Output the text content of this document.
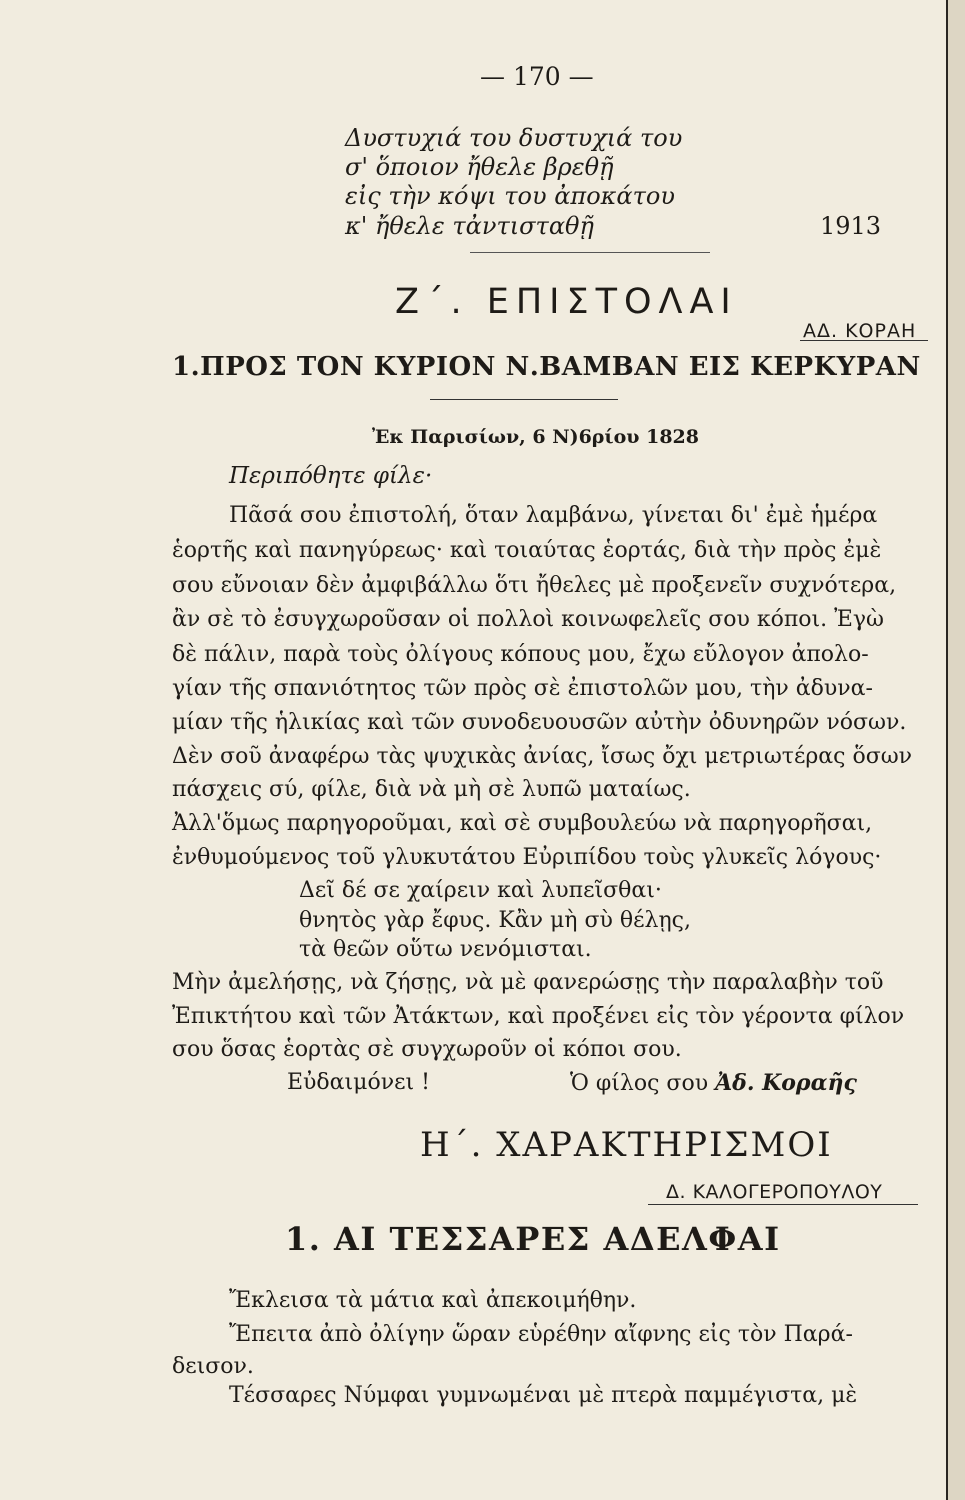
— 170 —
Δυστυχιά του δυστυχιά του
σ' ὅποιον ἤθελε βρεθῇ
εἰς τὴν κόψι του ἀποκάτου
κ' ἤθελε τἀντισταθῇ	1913
Ζ΄. ΕΠΙΣΤΟΛΑΙ
ΑΔ. ΚΟΡΑΗ
1.ΠΡΟΣ ΤΟΝ ΚΥΡΙΟΝ Ν.ΒΑΜΒΑΝ ΕΙΣ ΚΕΡΚΥΡΑΝ
Ἐκ Παρισίων, 6 Ν)6ρίου 1828
Περιπόθητε φίλε·
Πᾶσά σου ἐπιστολή, ὅταν λαμβάνω, γίνεται δι' ἐμὲ ἡμέρα
ἑορτῆς καὶ πανηγύρεως· καὶ τοιαύτας ἑορτάς, διὰ τὴν πρὸς ἐμὲ
σου εὔνοιαν δὲν ἀμφιβάλλω ὅτι ἤθελες μὲ προξενεῖν συχνότερα,
ἂν σὲ τὸ ἐσυγχωροῦσαν οἱ πολλοὶ κοινωφελεῖς σου κόποι. Ἐγὼ
δὲ πάλιν, παρὰ τοὺς ὀλίγους κόπους μου, ἔχω εὔλογον ἀπολο-
γίαν τῆς σπανιότητος τῶν πρὸς σὲ ἐπιστολῶν μου, τὴν ἀδυνα-
μίαν τῆς ἡλικίας καὶ τῶν συνοδευουσῶν αὐτὴν ὀδυνηρῶν νόσων.
Δὲν σοῦ ἀναφέρω τὰς ψυχικὰς ἀνίας, ἴσως ὄχι μετριωτέρας ὅσων
πάσχεις σύ, φίλε, διὰ νὰ μὴ σὲ λυπῶ ματαίως.
Ἀλλ'ὅμως παρηγοροῦμαι, καὶ σὲ συμβουλεύω νὰ παρηγορῆσαι,
ἐνθυμούμενος τοῦ γλυκυτάτου Εὐριπίδου τοὺς γλυκεῖς λόγους·
Δεῖ δέ σε χαίρειν καὶ λυπεῖσθαι·
θνητὸς γὰρ ἔφυς. Κἂν μὴ σὺ θέλῃς,
τὰ θεῶν οὕτω νενόμισται.
Μὴν ἀμελήσῃς, νὰ ζήσῃς, νὰ μὲ φανερώσῃς τὴν παραλαβὴν τοῦ
Ἐπικτήτου καὶ τῶν Ἀτάκτων, καὶ προξένει εἰς τὸν γέροντα φίλον
σου ὅσας ἑορτὰς σὲ συγχωροῦν οἱ κόποι σου.
Εὐδαιμόνει !	Ὁ φίλος σου Ἀδ. Κοραῆς
Η΄. ΧΑΡΑΚΤΗΡΙΣΜΟΙ
Δ. ΚΑΛΟΓΕΡΟΠΟΥΛΟΥ
1. ΑΙ ΤΕΣΣΑΡΕΣ ΑΔΕΛΦΑΙ
Ἔκλεισα τὰ μάτια καὶ ἀπεκοιμήθην.
Ἔπειτα ἀπὸ ὀλίγην ὥραν εὑρέθην αἴφνης εἰς τὸν Παρά-
δεισον.
Τέσσαρες Νύμφαι γυμνωμέναι μὲ πτερὰ παμμέγιστα, μὲ
